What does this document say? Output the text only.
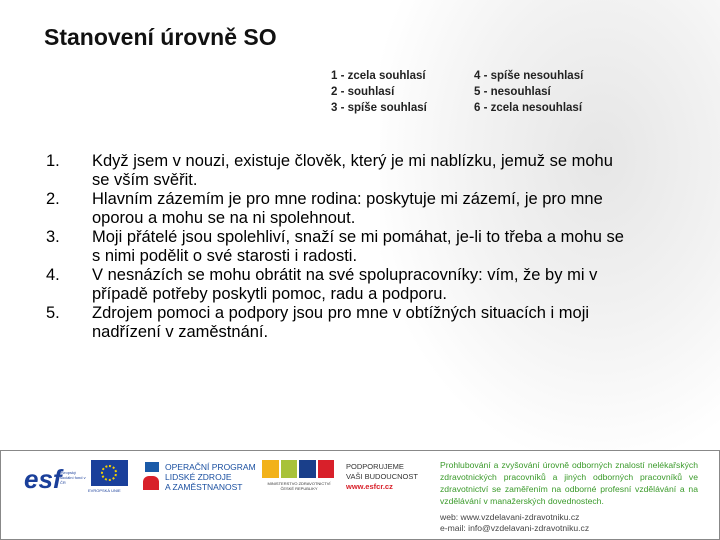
Stanovení úrovně SO
1 - zcela souhlasí
2 - souhlasí
3 - spíše souhlasí
4 - spíše nesouhlasí
5 - nesouhlasí
6 - zcela nesouhlasí
1.	Když jsem v nouzi, existuje člověk, který je mi nablízku, jemuž se mohu se vším svěřit.
2.	Hlavním zázemím je pro mne rodina: poskytuje mi zázemí, je pro mne oporou a mohu se na ni spolehnout.
3.	Moji přátelé jsou spolehliví, snaží se mi pomáhat, je-li to třeba a mohu se s nimi podělit o své starosti i radosti.
4.	V nesnázích se mohu obrátit na své spolupracovníky: vím, že by mi v případě potřeby poskytli pomoc, radu a podporu.
5.	Zdrojem pomoci a podpory jsou pro mne v obtížných situacích i moji nadřízení v zaměstnání.
esf
evropský sociální fond v ČR
EVROPSKÁ UNIE
OPERAČNÍ PROGRAM
LIDSKÉ ZDROJE
A ZAMĚSTNANOST	MINISTERSTVO ZDRAVOTNICTVÍ ČESKÉ REPUBLIKY
PODPORUJEME
VAŠI BUDOUCNOST
www.esfcr.cz
Prohlubování a zvyšování úrovně odborných znalostí nelékařských zdravotnických pracovníků a jiných odborných pracovníků ve zdravotnictví se zaměřením na odborné profesní vzdělávání a na vzdělávání v manažerských dovednostech.
web: www.vzdelavani-zdravotniku.cz
e-mail: info@vzdelavani-zdravotniku.cz
